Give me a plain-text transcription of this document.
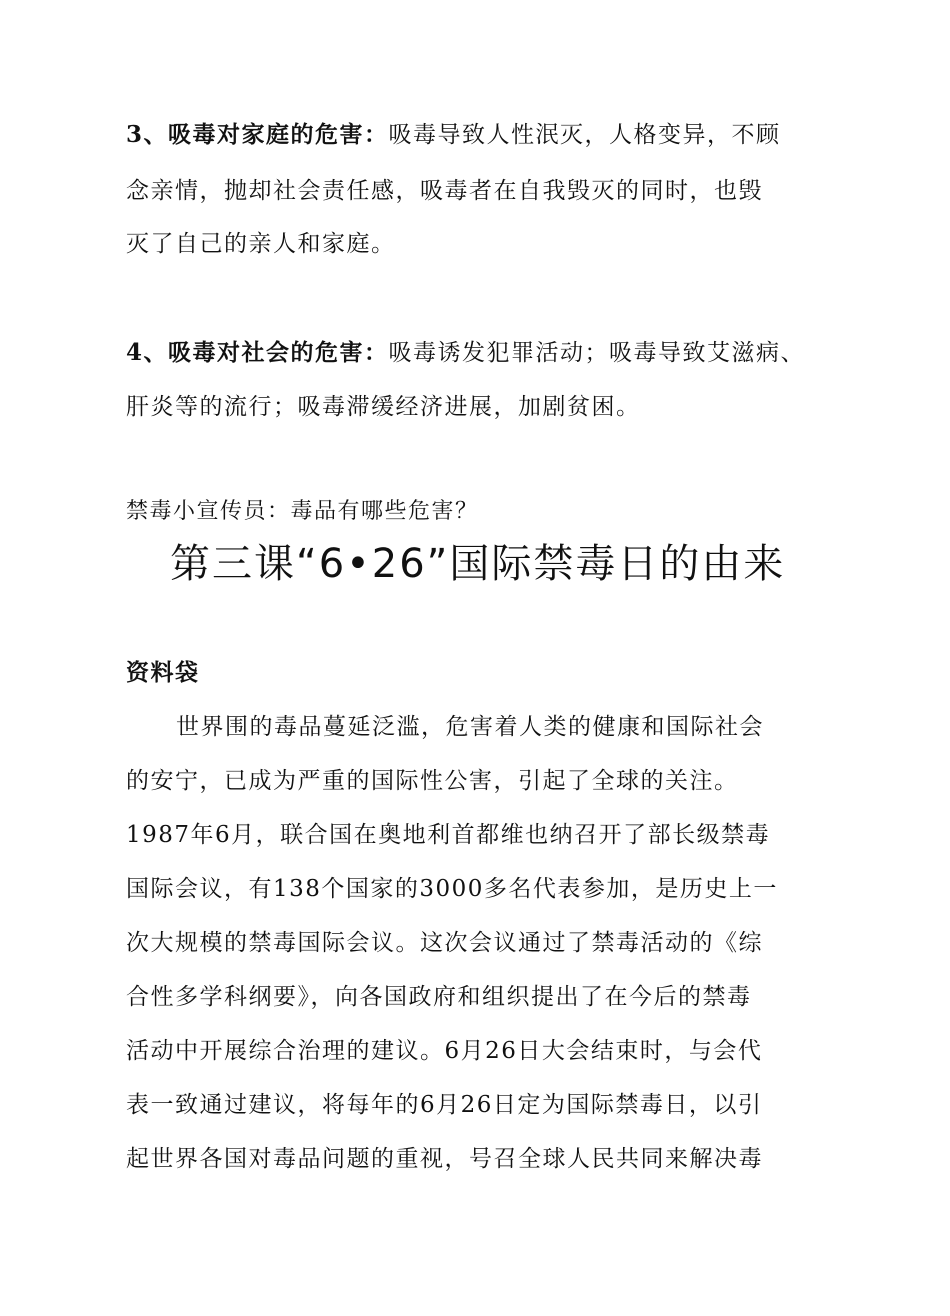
3、吸毒对家庭的危害：吸毒导致人性泯灭，人格变异，不顾
念亲情，抛却社会责任感，吸毒者在自我毁灭的同时，也毁
灭了自己的亲人和家庭。
4、吸毒对社会的危害：吸毒诱发犯罪活动；吸毒导致艾滋病、
肝炎等的流行；吸毒滞缓经济进展，加剧贫困。
禁毒小宣传员：毒品有哪些危害？
第三课“6•26”国际禁毒日的由来
资料袋
世界围的毒品蔓延泛滥，危害着人类的健康和国际社会
的安宁，已成为严重的国际性公害，引起了全球的关注。
1987年6月，联合国在奥地利首都维也纳召开了部长级禁毒
国际会议，有138个国家的3000多名代表参加，是历史上一
次大规模的禁毒国际会议。这次会议通过了禁毒活动的《综
合性多学科纲要》，向各国政府和组织提出了在今后的禁毒
活动中开展综合治理的建议。6月26日大会结束时，与会代
表一致通过建议，将每年的6月26日定为国际禁毒日，以引
起世界各国对毒品问题的重视，号召全球人民共同来解决毒
